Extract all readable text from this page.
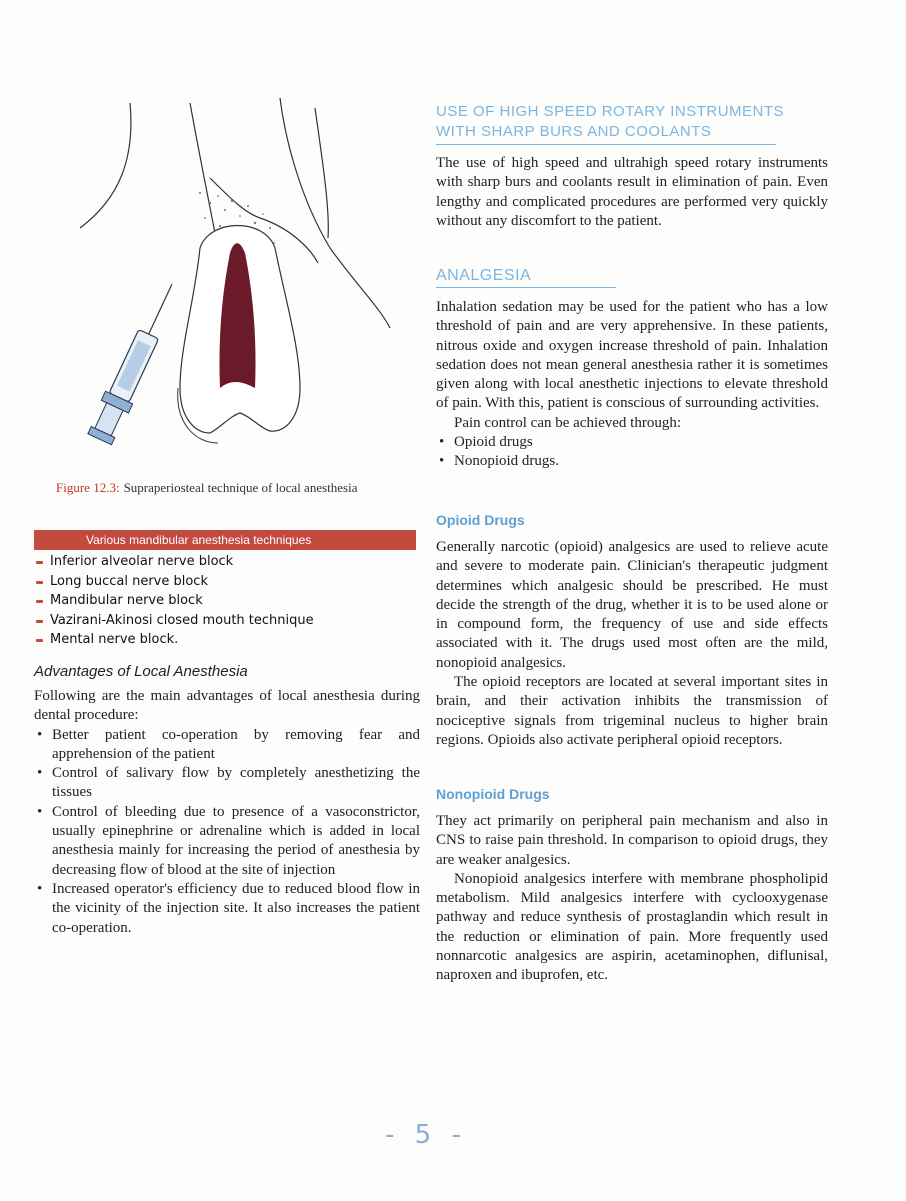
Figure 12.3: Supraperiosteal technique of local anesthesia
Various mandibular anesthesia techniques
Inferior alveolar nerve block
Long buccal nerve block
Mandibular nerve block
Vazirani-Akinosi closed mouth technique
Mental nerve block.
Advantages of Local Anesthesia
Following are the main advantages of local anesthesia during dental procedure:
• Better patient co-operation by removing fear and apprehension of the patient
• Control of salivary flow by completely anesthetizing the tissues
• Control of bleeding due to presence of a vasoconstrictor, usually epinephrine or adrenaline which is added in local anesthesia mainly for increasing the period of anesthesia by decreasing flow of blood at the site of injection
• Increased operator's efficiency due to reduced blood flow in the vicinity of the injection site. It also increases the patient co-operation.
USE OF HIGH SPEED ROTARY INSTRUMENTS
WITH SHARP BURS AND COOLANTS
The use of high speed and ultrahigh speed rotary instruments with sharp burs and coolants result in elimination of pain. Even lengthy and complicated procedures are performed very quickly without any discomfort to the patient.
ANALGESIA
Inhalation sedation may be used for the patient who has a low threshold of pain and are very apprehensive. In these patients, nitrous oxide and oxygen increase threshold of pain. Inhalation sedation does not mean general anesthesia rather it is sometimes given along with local anesthetic injections to elevate threshold of pain. With this, patient is conscious of surrounding activities.
Pain control can be achieved through:
• Opioid drugs
• Nonopioid drugs.
Opioid Drugs
Generally narcotic (opioid) analgesics are used to relieve acute and severe to moderate pain. Clinician's therapeutic judgment determines which analgesic should be prescribed. He must decide the strength of the drug, whether it is to be used alone or in compound form, the frequency of use and side effects associated with it. The drugs used most often are the mild, nonopioid analgesics.
The opioid receptors are located at several important sites in brain, and their activation inhibits the transmission of nociceptive signals from trigeminal nucleus to higher brain regions. Opioids also activate peripheral opioid receptors.
Nonopioid Drugs
They act primarily on peripheral pain mechanism and also in CNS to raise pain threshold. In comparison to opioid drugs, they are weaker analgesics.
Nonopioid analgesics interfere with membrane phospholipid metabolism. Mild analgesics interfere with cyclooxygenase pathway and reduce synthesis of prostaglandin which result in the reduction or elimination of pain. More frequently used nonnarcotic analgesics are aspirin, acetaminophen, diflunisal, naproxen and ibuprofen, etc.
- 5 -
